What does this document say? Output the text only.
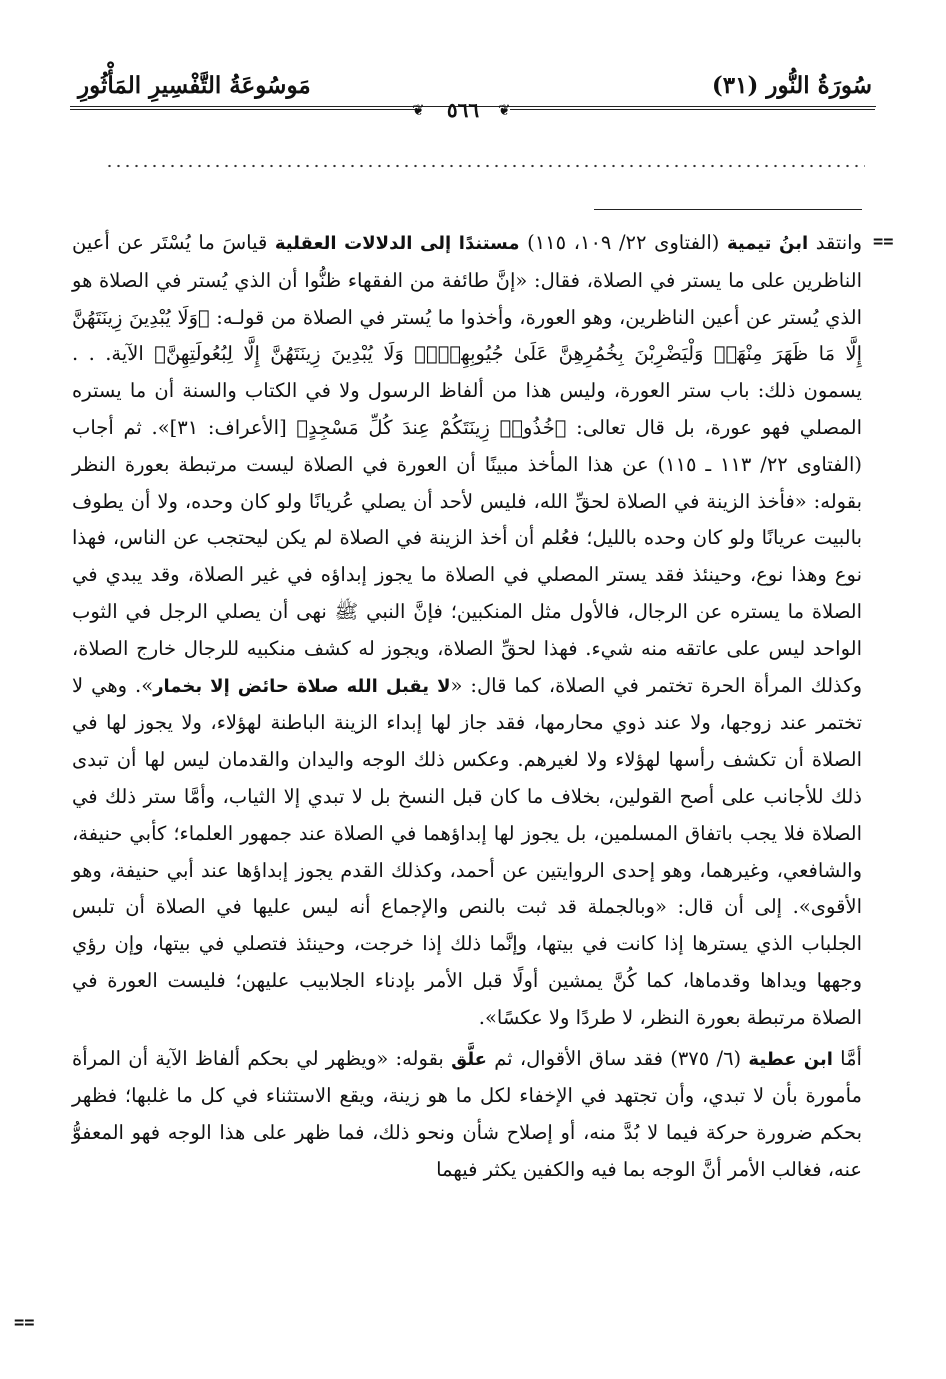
سُورَةُ النُّور (٣١)
مَوسُوعَةُ التَّفْسِيرِ المَأْثُورِ
❦	٥٦٦	❦
==
وانتقد ابنُ تيمية (الفتاوى ٢٢/ ١٠٩، ١١٥) مستندًا إلى الدلالات العقلية قياسَ ما يُسْتَر عن أعين الناظرين على ما يستر في الصلاة، فقال: «إنَّ طائفة من الفقهاء ظنُّوا أن الذي يُستر في الصلاة هو الذي يُستر عن أعين الناظرين، وهو العورة، وأخذوا ما يُستر في الصلاة من قولـه: ﴿وَلَا يُبْدِينَ زِينَتَهُنَّ إِلَّا مَا ظَهَرَ مِنْهَاۖ وَلْيَضْرِبْنَ بِخُمُرِهِنَّ عَلَىٰ جُيُوبِهِنَّۖ وَلَا يُبْدِينَ زِينَتَهُنَّ إِلَّا لِبُعُولَتِهِنَّ﴾ الآية. . . يسمون ذلك: باب ستر العورة، وليس هذا من ألفاظ الرسول ولا في الكتاب والسنة أن ما يستره المصلي فهو عورة، بل قال تعالى: ﴿خُذُوا۟ زِينَتَكُمْ عِندَ كُلِّ مَسْجِدٍ﴾ [الأعراف: ٣١]». ثم أجاب (الفتاوى ٢٢/ ١١٣ ـ ١١٥) عن هذا المأخذ مبينًا أن العورة في الصلاة ليست مرتبطة بعورة النظر بقوله: «فأخذ الزينة في الصلاة لحقِّ الله، فليس لأحد أن يصلي عُريانًا ولو كان وحده، ولا أن يطوف بالبيت عريانًا ولو كان وحده بالليل؛ فعُلم أن أخذ الزينة في الصلاة لم يكن ليحتجب عن الناس، فهذا نوع وهذا نوع، وحينئذ فقد يستر المصلي في الصلاة ما يجوز إبداؤه في غير الصلاة، وقد يبدي في الصلاة ما يستره عن الرجال، فالأول مثل المنكبين؛ فإنَّ النبي ﷺ نهى أن يصلي الرجل في الثوب الواحد ليس على عاتقه منه شيء. فهذا لحقِّ الصلاة، ويجوز له كشف منكبيه للرجال خارج الصلاة، وكذلك المرأة الحرة تختمر في الصلاة، كما قال: «لا يقبل الله صلاة حائض إلا بخمار». وهي لا تختمر عند زوجها، ولا عند ذوي محارمها، فقد جاز لها إبداء الزينة الباطنة لهؤلاء، ولا يجوز لها في الصلاة أن تكشف رأسها لهؤلاء ولا لغيرهم. وعكس ذلك الوجه واليدان والقدمان ليس لها أن تبدى ذلك للأجانب على أصح القولين، بخلاف ما كان قبل النسخ بل لا تبدي إلا الثياب، وأمَّا ستر ذلك في الصلاة فلا يجب باتفاق المسلمين، بل يجوز لها إبداؤهما في الصلاة عند جمهور العلماء؛ كأبي حنيفة، والشافعي، وغيرهما، وهو إحدى الروايتين عن أحمد، وكذلك القدم يجوز إبداؤها عند أبي حنيفة، وهو الأقوى». إلى أن قال: «وبالجملة قد ثبت بالنص والإجماع أنه ليس عليها في الصلاة أن تلبس الجلباب الذي يسترها إذا كانت في بيتها، وإنَّما ذلك إذا خرجت، وحينئذ فتصلي في بيتها، وإن رؤي وجهها ويداها وقدماها، كما كُنَّ يمشين أولًا قبل الأمر بإدناء الجلابيب عليهن؛ فليست العورة في الصلاة مرتبطة بعورة النظر، لا طردًا ولا عكسًا».
أمَّا ابن عطية (٦/ ٣٧٥) فقد ساق الأقوال، ثم علَّق بقوله: «ويظهر لي بحكم ألفاظ الآية أن المرأة مأمورة بأن لا تبدي، وأن تجتهد في الإخفاء لكل ما هو زينة، ويقع الاستثناء في كل ما غلبها؛ فظهر بحكم ضرورة حركة فيما لا بُدَّ منه، أو إصلاح شأن ونحو ذلك، فما ظهر على هذا الوجه فهو المعفوُّ عنه، فغالب الأمر أنَّ الوجه بما فيه والكفين يكثر فيهما
==
